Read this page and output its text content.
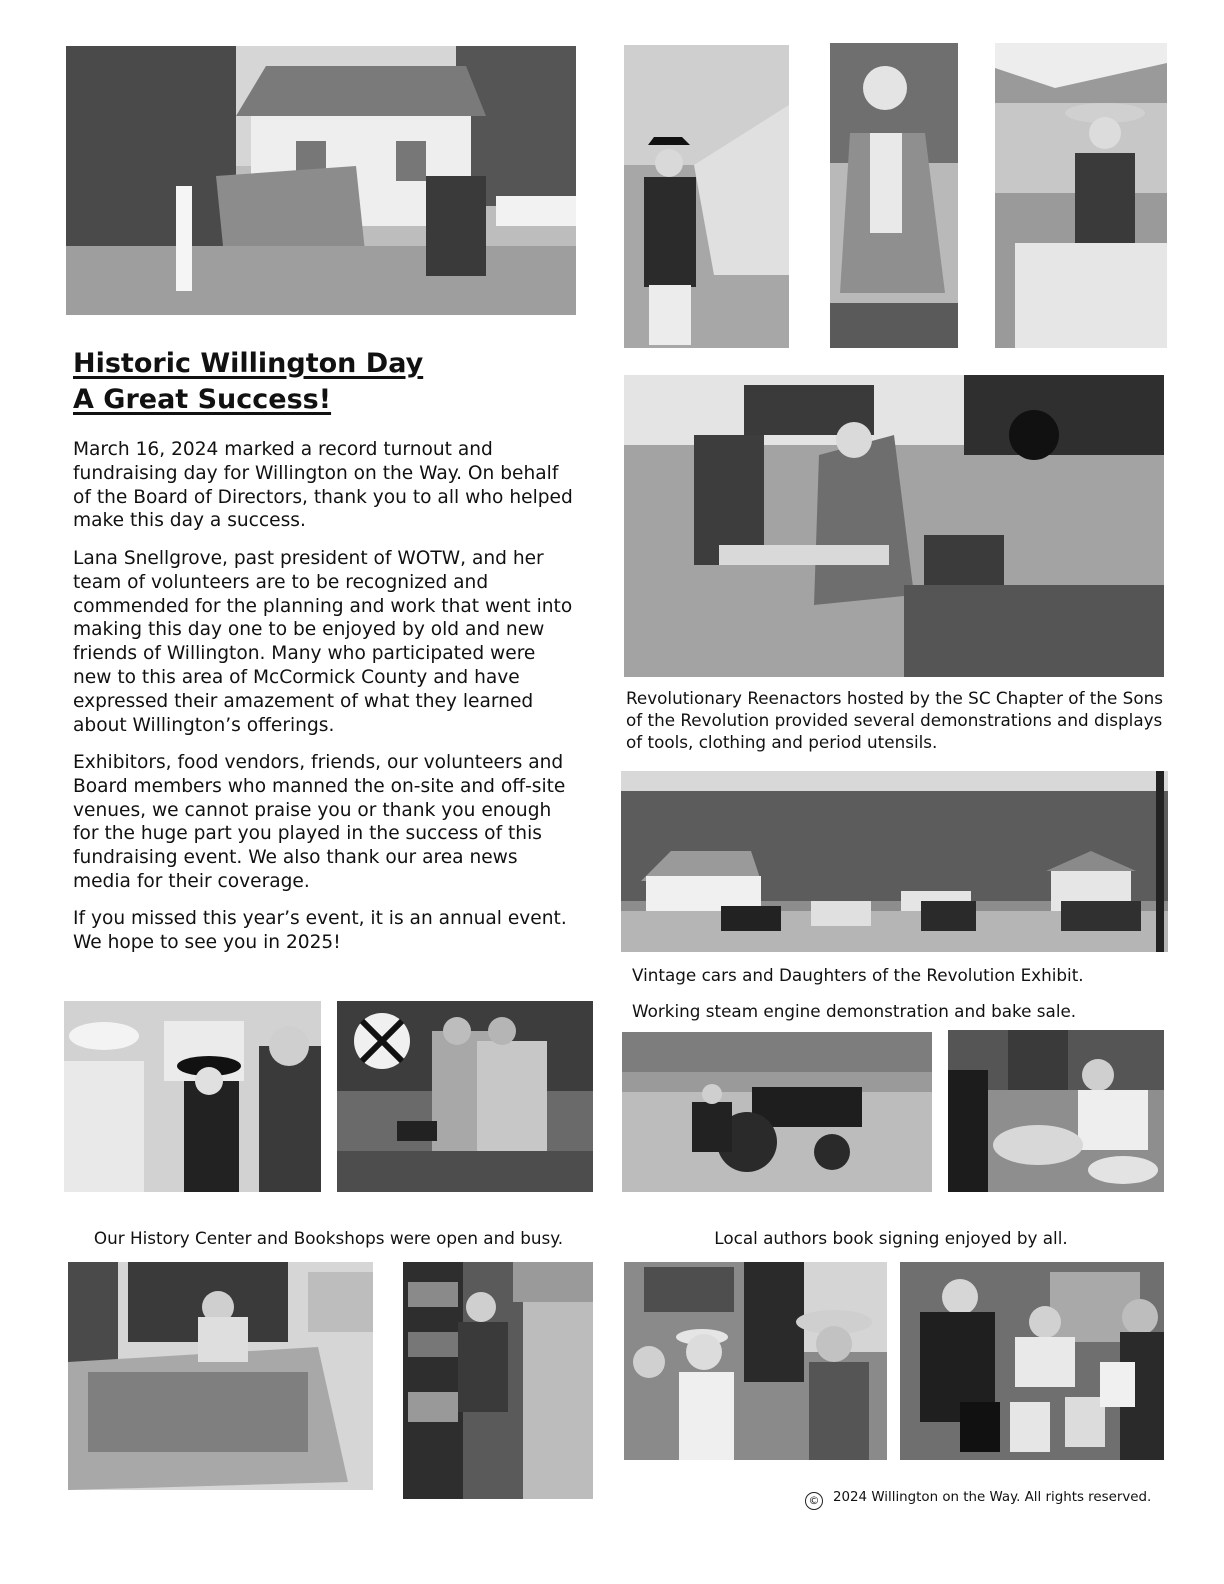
Historic Willington Day
A Great Success!

March 16, 2024 marked a record turnout and fundraising day for Willington on the Way. On behalf of the Board of Directors, thank you to all who helped make this day a success.

Lana Snellgrove, past president of WOTW, and her team of volunteers are to be recognized and commended for the planning and work that went into making this day one to be enjoyed by old and new friends of Willington. Many who participated were new to this area of McCormick County and have expressed their amazement of what they learned about Willington’s offerings.

Exhibitors, food vendors, friends, our volunteers and Board members who manned the on-site and off-site venues, we cannot praise you or thank you enough for the huge part you played in the success of this fundraising event. We also thank our area news media for their coverage.

If you missed this year’s event, it is an annual event. We hope to see you in 2025!

Revolutionary Reenactors hosted by the SC Chapter of the Sons of the Revolution provided several demonstrations and displays of tools, clothing and period utensils.

Vintage cars and Daughters of the Revolution Exhibit.

Working steam engine demonstration and bake sale.

Our History Center and Bookshops were open and busy.	Local authors book signing enjoyed by all.

© 2024 Willington on the Way. All rights reserved.
